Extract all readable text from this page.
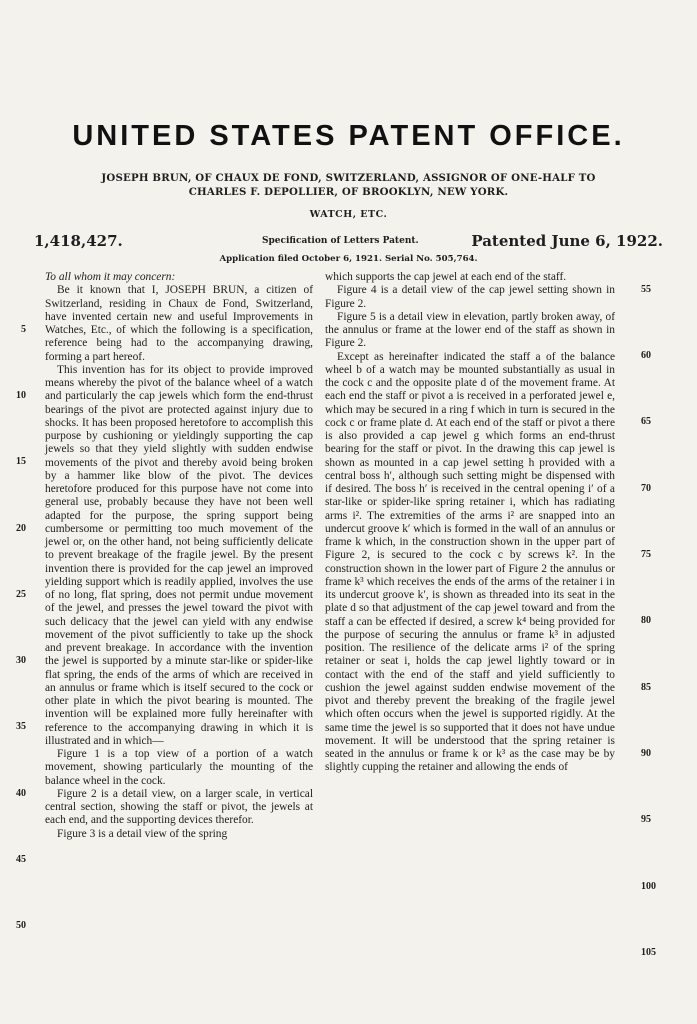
UNITED STATES PATENT OFFICE.
JOSEPH BRUN, OF CHAUX DE FOND, SWITZERLAND, ASSIGNOR OF ONE-HALF TO
CHARLES F. DEPOLLIER, OF BROOKLYN, NEW YORK.
WATCH, ETC.
1,418,427.	Specification of Letters Patent.	Patented June 6, 1922.
Application filed October 6, 1921. Serial No. 505,764.
5
10
15
20
25
30
35
40
45
50

To all whom it may concern:

Be it known that I, JOSEPH BRUN, a citizen of Switzerland, residing in Chaux de Fond, Switzerland, have invented certain new and useful Improvements in Watches, Etc., of which the following is a specification, reference being had to the accompanying drawing, forming a part hereof.

This invention has for its object to provide improved means whereby the pivot of the balance wheel of a watch and particularly the cap jewels which form the end-thrust bearings of the pivot are protected against injury due to shocks. It has been proposed heretofore to accomplish this purpose by cushioning or yieldingly supporting the cap jewels so that they yield slightly with sudden endwise movements of the pivot and thereby avoid being broken by a hammer like blow of the pivot. The devices heretofore produced for this purpose have not come into general use, probably because they have not been well adapted for the purpose, the spring support being cumbersome or permitting too much movement of the jewel or, on the other hand, not being sufficiently delicate to prevent breakage of the fragile jewel. By the present invention there is provided for the cap jewel an improved yielding support which is readily applied, involves the use of no long, flat spring, does not permit undue movement of the jewel, and presses the jewel toward the pivot with such delicacy that the jewel can yield with any endwise movement of the pivot sufficiently to take up the shock and prevent breakage. In accordance with the invention the jewel is supported by a minute star-like or spider-like flat spring, the ends of the arms of which are received in an annulus or frame which is itself secured to the cock or other plate in which the pivot bearing is mounted. The invention will be explained more fully hereinafter with reference to the accompanying drawing in which it is illustrated and in which—

Figure 1 is a top view of a portion of a watch movement, showing particularly the mounting of the balance wheel in the cock.

Figure 2 is a detail view, on a larger scale, in vertical central section, showing the staff or pivot, the jewels at each end, and the supporting devices therefor.

Figure 3 is a detail view of the spring

which supports the cap jewel at each end of the staff.

Figure 4 is a detail view of the cap jewel setting shown in Figure 2.

Figure 5 is a detail view in elevation, partly broken away, of the annulus or frame at the lower end of the staff as shown in Figure 2.

Except as hereinafter indicated the staff a of the balance wheel b of a watch may be mounted substantially as usual in the cock c and the opposite plate d of the movement frame. At each end the staff or pivot a is received in a perforated jewel e, which may be secured in a ring f which in turn is secured in the cock c or frame plate d. At each end of the staff or pivot a there is also provided a cap jewel g which forms an end-thrust bearing for the staff or pivot. In the drawing this cap jewel is shown as mounted in a cap jewel setting h provided with a central boss h′, although such setting might be dispensed with if desired. The boss h′ is received in the central opening i′ of a star-like or spider-like spring retainer i, which has radiating arms i². The extremities of the arms i² are snapped into an undercut groove k′ which is formed in the wall of an annulus or frame k which, in the construction shown in the upper part of Figure 2, is secured to the cock c by screws k². In the construction shown in the lower part of Figure 2 the annulus or frame k³ which receives the ends of the arms of the retainer i in its undercut groove k′, is shown as threaded into its seat in the plate d so that adjustment of the cap jewel toward and from the staff a can be effected if desired, a screw k⁴ being provided for the purpose of securing the annulus or frame k³ in adjusted position. The resilience of the delicate arms i² of the spring retainer or seat i, holds the cap jewel lightly toward or in contact with the end of the staff and yield sufficiently to cushion the jewel against sudden endwise movement of the pivot and thereby prevent the breaking of the fragile jewel which often occurs when the jewel is supported rigidly. At the same time the jewel is so supported that it does not have undue movement. It will be understood that the spring retainer is seated in the annulus or frame k or k³ as the case may be by slightly cupping the retainer and allowing the ends of

55
60
65
70
75
80
85
90
95
100
105
